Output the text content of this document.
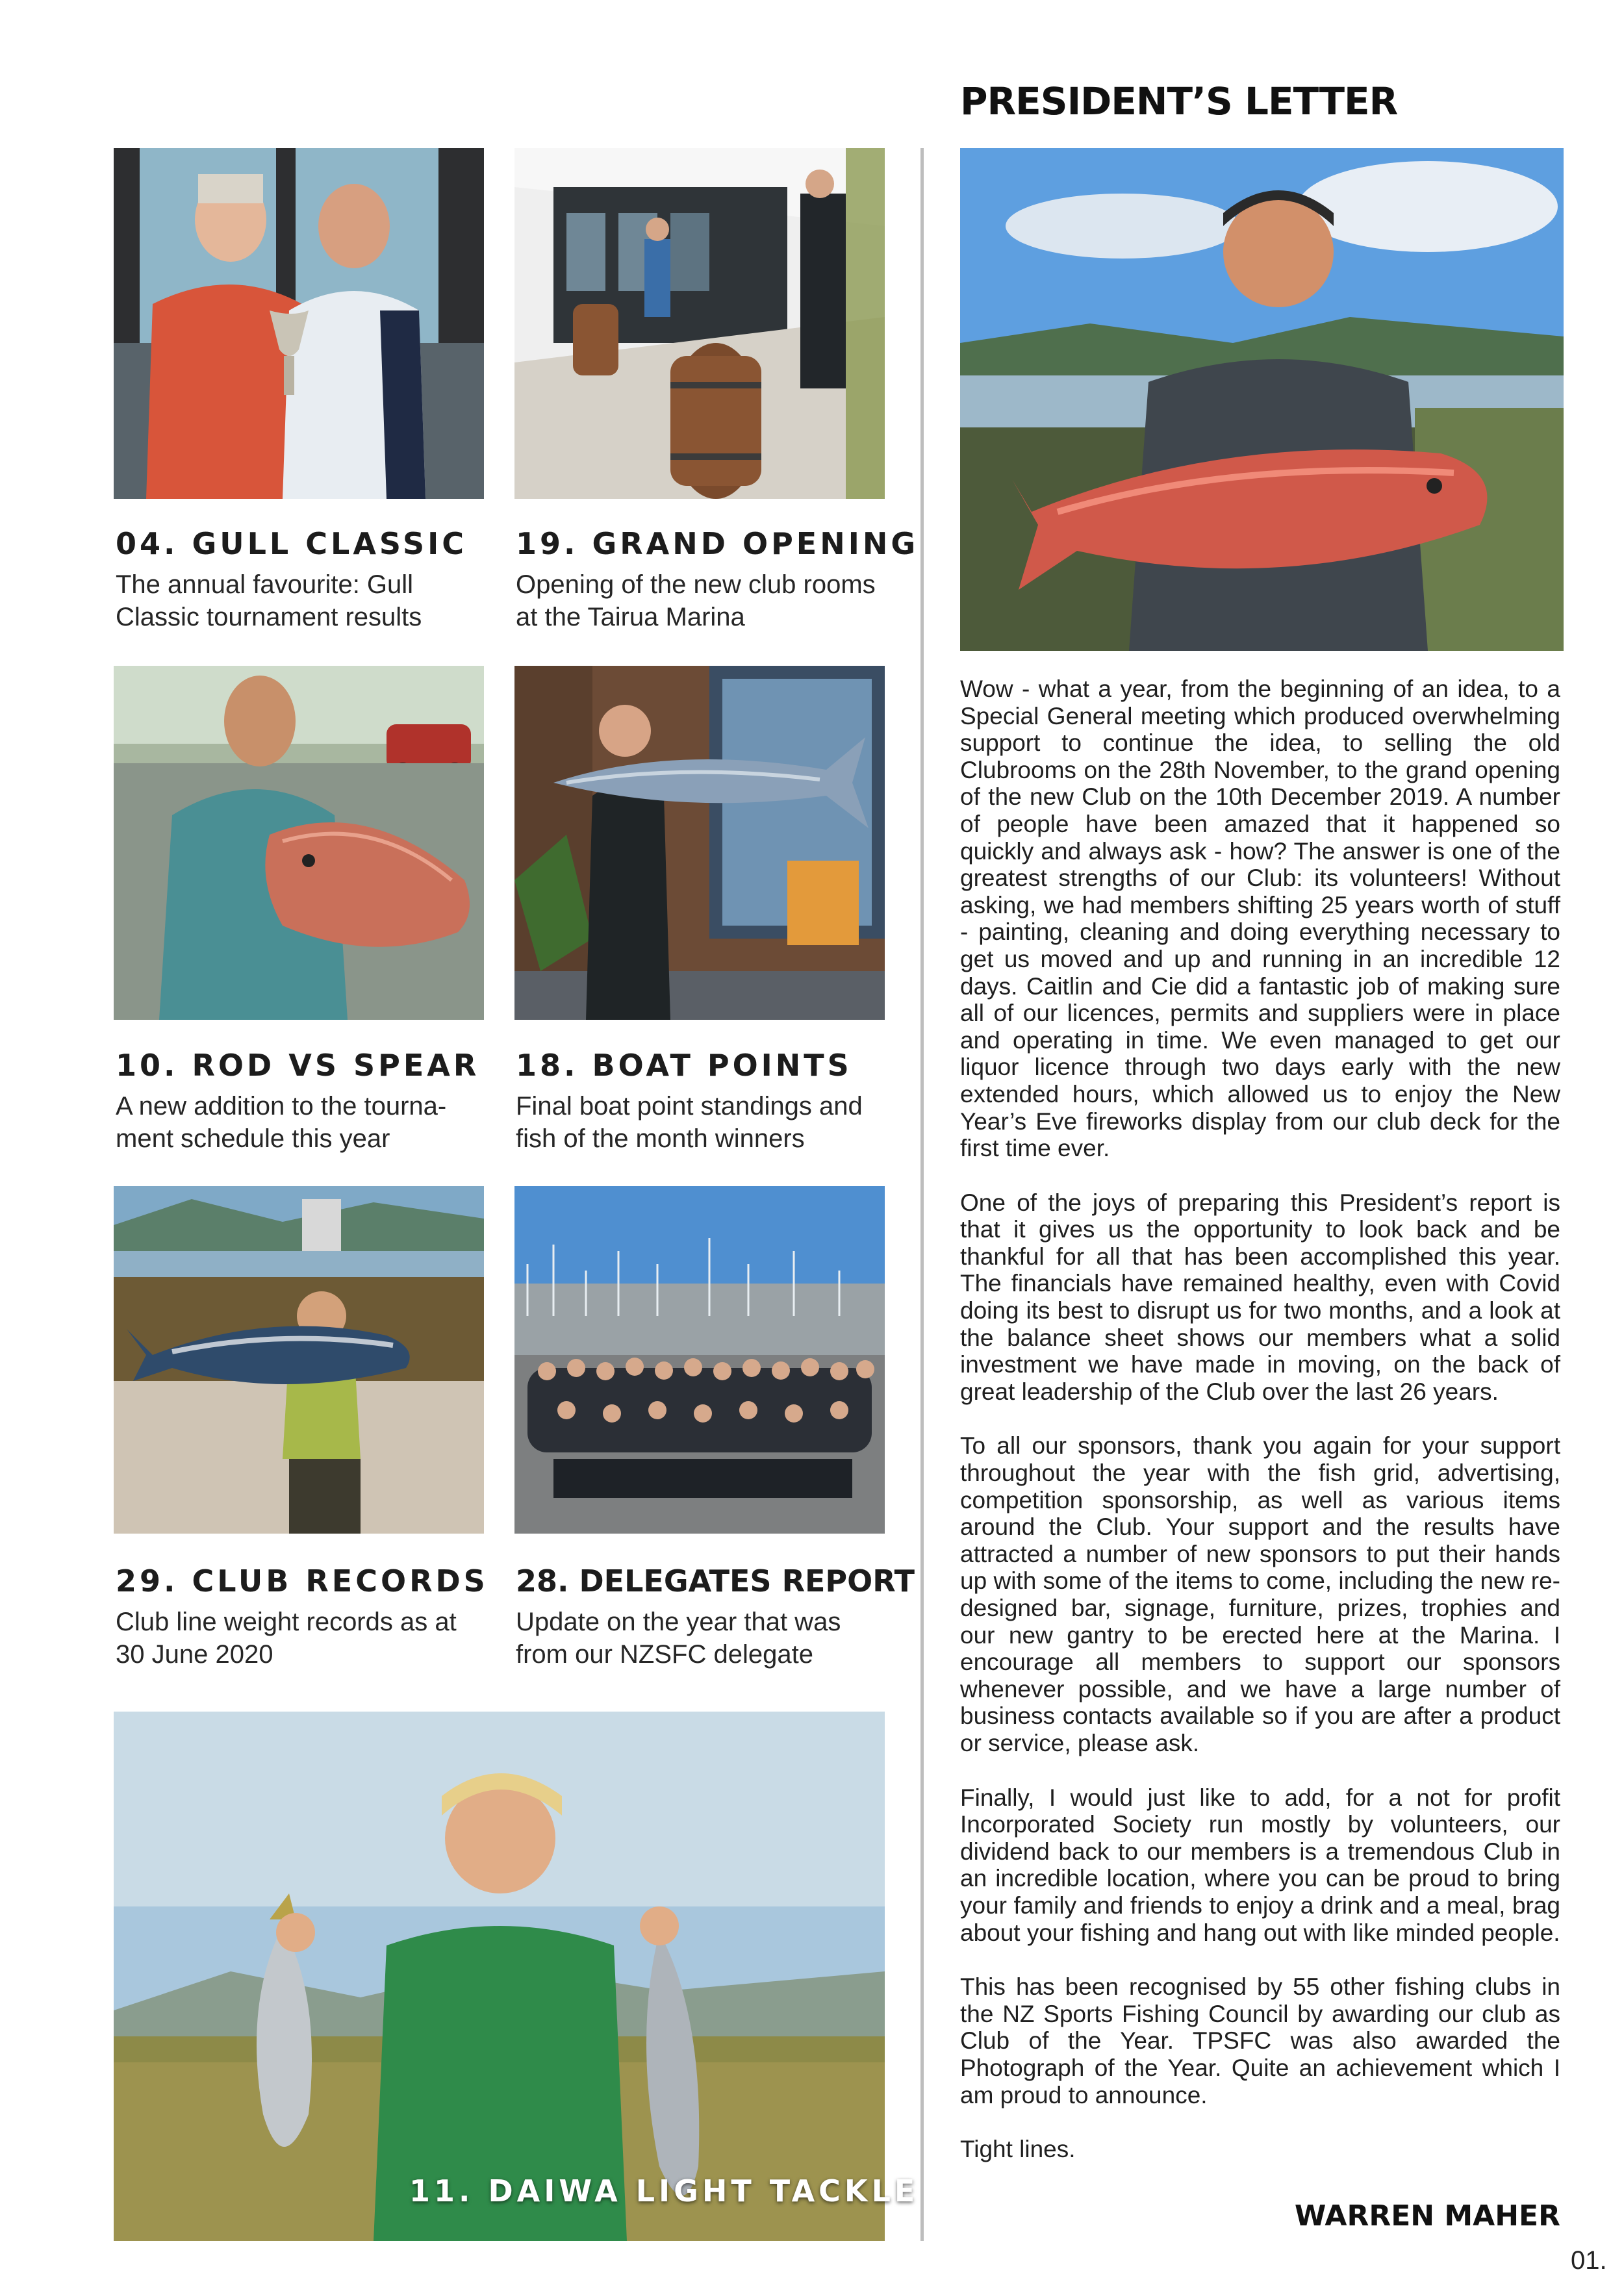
04. GULL CLASSIC

The annual favourite: Gull
Classic tournament results

19. GRAND OPENING

Opening of the new club rooms
at the Tairua Marina

10. ROD VS SPEAR

A new addition to the tourna-
ment schedule this year

18. BOAT POINTS

Final boat point standings and
fish of the month winners

29. CLUB RECORDS

Club line weight records as at
30 June 2020

28. DELEGATES REPORT

Update on the year that was
from our NZSFC delegate

11. DAIWA LIGHT TACKLE
PRESIDENT’S LETTER

Wow - what a year, from the beginning of an idea, to a Special General meeting which produced overwhelming support to continue the idea, to selling the old Clubrooms on the 28th November, to the grand opening of the new Club on the 10th December 2019. A number of people have been amazed that it happened so quickly and always ask - how? The answer is one of the greatest strengths of our Club: its volunteers! Without asking, we had members shifting 25 years worth of stuff - painting, cleaning and doing everything necessary to get us moved and up and running in an incredible 12 days. Caitlin and Cie did a fantastic job of making sure all of our licences, permits and suppliers were in place and operating in time. We even managed to get our liquor licence through two days early with the new extended hours, which allowed us to enjoy the New Year’s Eve fireworks display from our club deck for the first time ever.

One of the joys of preparing this President’s report is that it gives us the opportunity to look back and be thankful for all that has been accomplished this year. The financials have remained healthy, even with Covid doing its best to disrupt us for two months, and a look at the balance sheet shows our members what a solid investment we have made in moving, on the back of great leadership of the Club over the last 26 years.

To all our sponsors, thank you again for your support throughout the year with the fish grid, advertising, competition sponsorship, as well as various items around the Club. Your support and the results have attracted a number of new sponsors to put their hands up with some of the items to come, including the new re-designed bar, signage, furniture, prizes, trophies and our new gantry to be erected here at the Marina. I encourage all members to support our sponsors whenever possible, and we have a large number of business contacts available so if you are after a product or service, please ask.

Finally, I would just like to add, for a not for profit Incorporated Society run mostly by volunteers, our dividend back to our members is a tremendous Club in an incredible location, where you can be proud to bring your family and friends to enjoy a drink and a meal, brag about your fishing and hang out with like minded people.

This has been recognised by 55 other fishing clubs in the NZ Sports Fishing Council by awarding our club as Club of the Year. TPSFC was also awarded the Photograph of the Year. Quite an achievement which I am proud to announce.

Tight lines.

WARREN MAHER

01.
